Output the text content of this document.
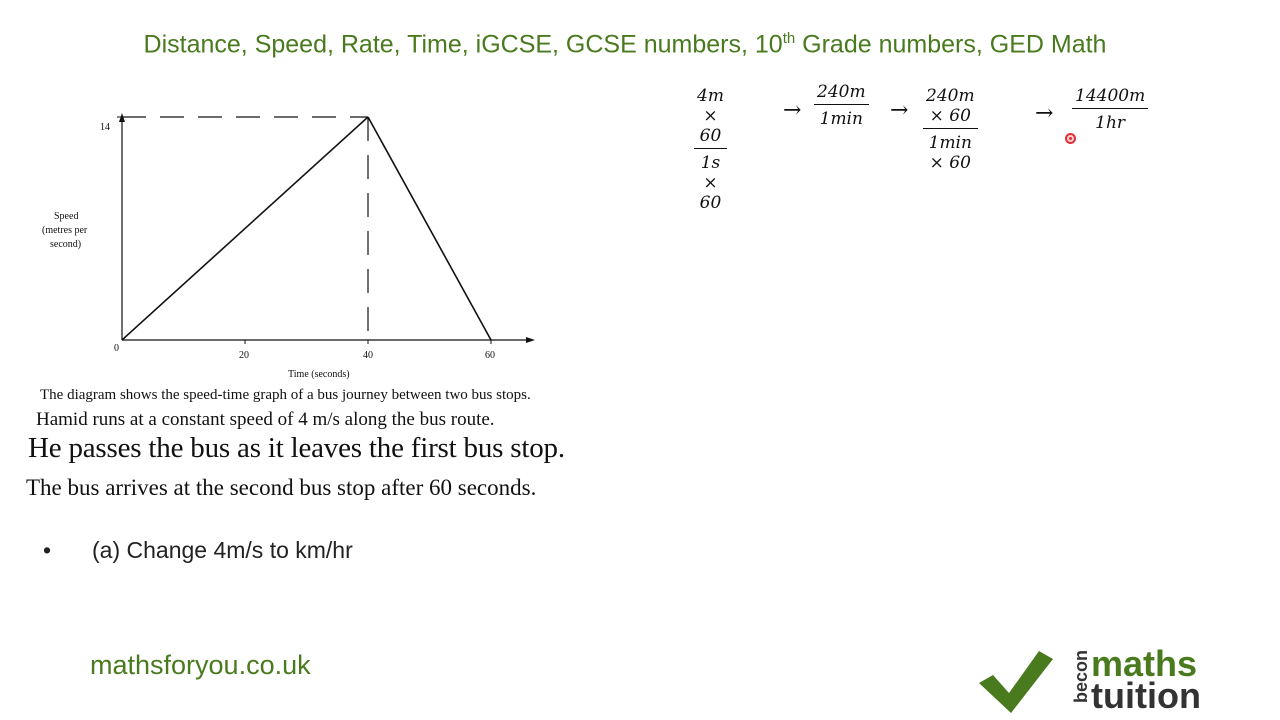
Distance, Speed, Rate, Time, iGCSE, GCSE numbers, 10th Grade numbers, GED Math
14
0
20	40	60
Time (seconds)
Speed
(metres per
second)
The diagram shows the speed-time graph of a bus journey between two bus stops.
Hamid runs at a constant speed of 4 m/s along the bus route.
He passes the bus as it leaves the first bus stop.
The bus arrives at the second bus stop after 60 seconds.
• (a) Change 4m/s to km/hr
$\frac{4m \times 60}{1s \times 60}$	→
240m
1min →
240m × 60
1min × 60
→ $\frac{14400m}{1hr}$
mathsforyou.co.uk	becon maths
tuition
